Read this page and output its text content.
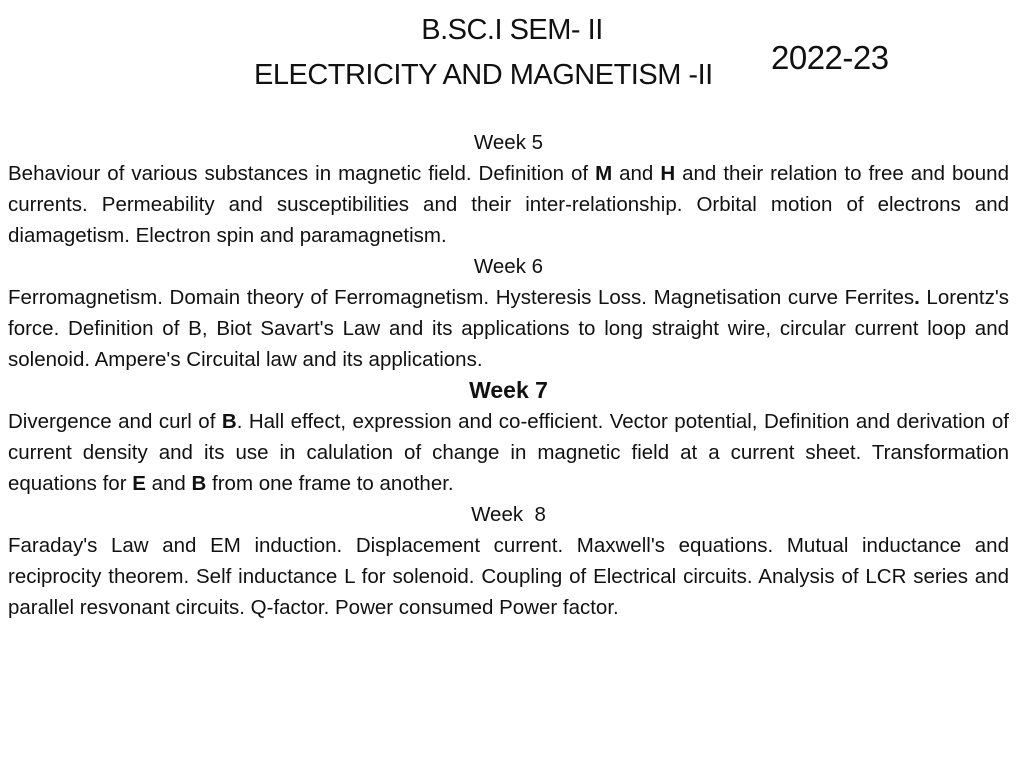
B.SC.I SEM- II
ELECTRICITY AND MAGNETISM -II 2022-23
Week 5

Behaviour of various substances in magnetic field. Definition of M and H and their relation to free and bound currents. Permeability and susceptibilities and their inter-relationship. Orbital motion of electrons and diamagetism. Electron spin and paramagnetism.

Week 6

Ferromagnetism. Domain theory of Ferromagnetism. Hysteresis Loss. Magnetisation curve Ferrites. Lorentz's force. Definition of B, Biot Savart's Law and its applications to long straight wire, circular current loop and solenoid. Ampere's Circuital law and its applications.

Week 7

Divergence and curl of B. Hall effect, expression and co-efficient. Vector potential, Definition and derivation of current density and its use in calulation of change in magnetic field at a current sheet. Transformation equations for E and B from one frame to another.

Week  8

Faraday's Law and EM induction. Displacement current. Maxwell's equations. Mutual inductance and reciprocity theorem. Self inductance L for solenoid. Coupling of Electrical circuits. Analysis of LCR series and parallel resvonant circuits. Q-factor. Power consumed Power factor.
